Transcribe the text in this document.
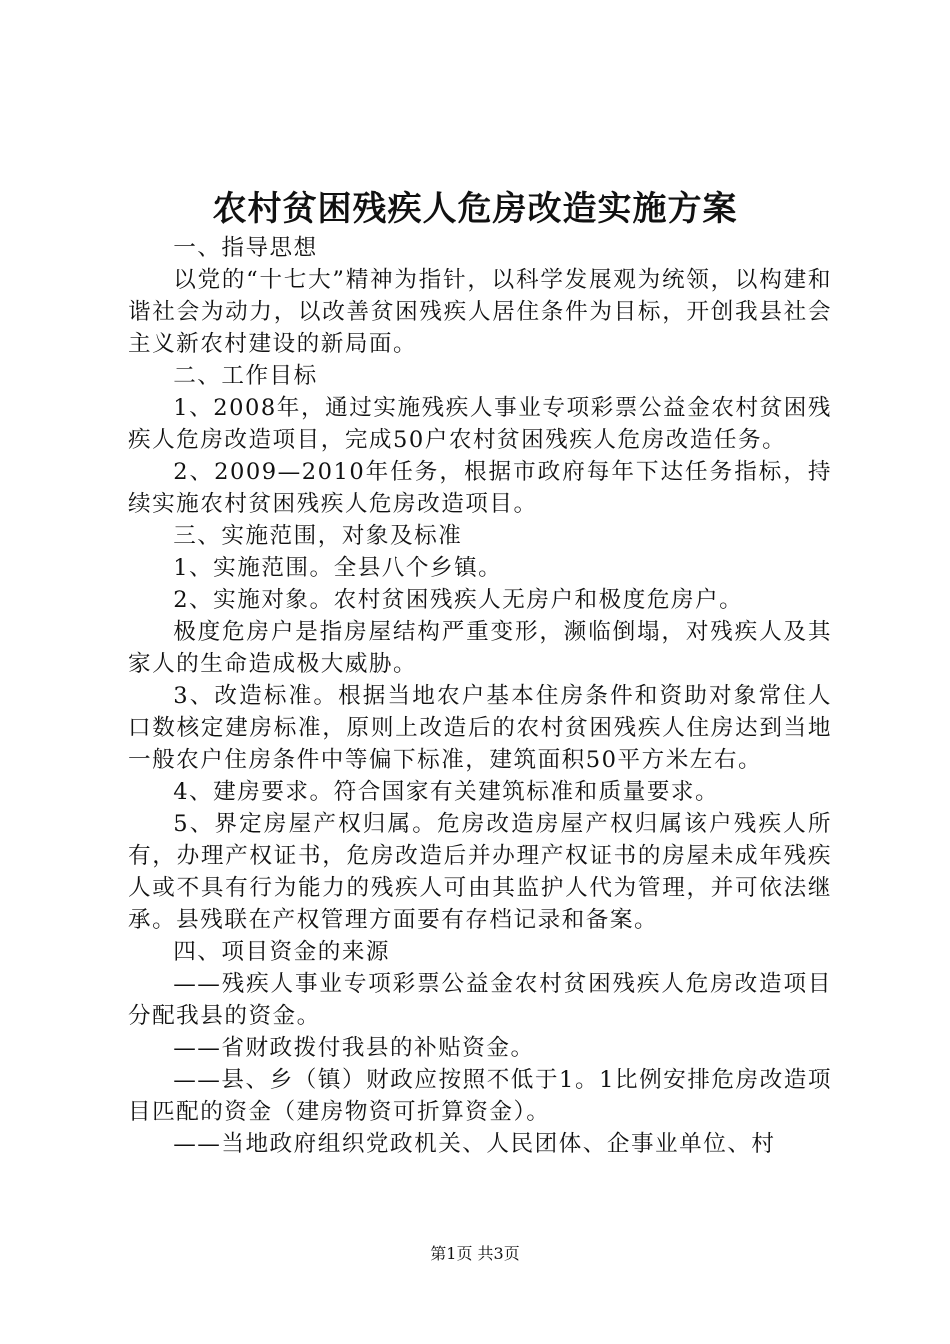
农村贫困残疾人危房改造实施方案

一、指导思想

以党的“十七大”精神为指针，以科学发展观为统领，以构建和谐社会为动力，以改善贫困残疾人居住条件为目标，开创我县社会主义新农村建设的新局面。

二、工作目标

1、2008年，通过实施残疾人事业专项彩票公益金农村贫困残疾人危房改造项目，完成50户农村贫困残疾人危房改造任务。

2、2009—2010年任务，根据市政府每年下达任务指标，持续实施农村贫困残疾人危房改造项目。

三、实施范围，对象及标准

1、实施范围。全县八个乡镇。

2、实施对象。农村贫困残疾人无房户和极度危房户。

极度危房户是指房屋结构严重变形，濒临倒塌，对残疾人及其家人的生命造成极大威胁。

3、改造标准。根据当地农户基本住房条件和资助对象常住人口数核定建房标准，原则上改造后的农村贫困残疾人住房达到当地一般农户住房条件中等偏下标准，建筑面积50平方米左右。

4、建房要求。符合国家有关建筑标准和质量要求。

5、界定房屋产权归属。危房改造房屋产权归属该户残疾人所有，办理产权证书，危房改造后并办理产权证书的房屋未成年残疾人或不具有行为能力的残疾人可由其监护人代为管理，并可依法继承。县残联在产权管理方面要有存档记录和备案。

四、项目资金的来源

——残疾人事业专项彩票公益金农村贫困残疾人危房改造项目分配我县的资金。

——省财政拨付我县的补贴资金。

——县、乡（镇）财政应按照不低于1。1比例安排危房改造项目匹配的资金（建房物资可折算资金）。

——当地政府组织党政机关、人民团体、企事业单位、村

第1页 共3页
